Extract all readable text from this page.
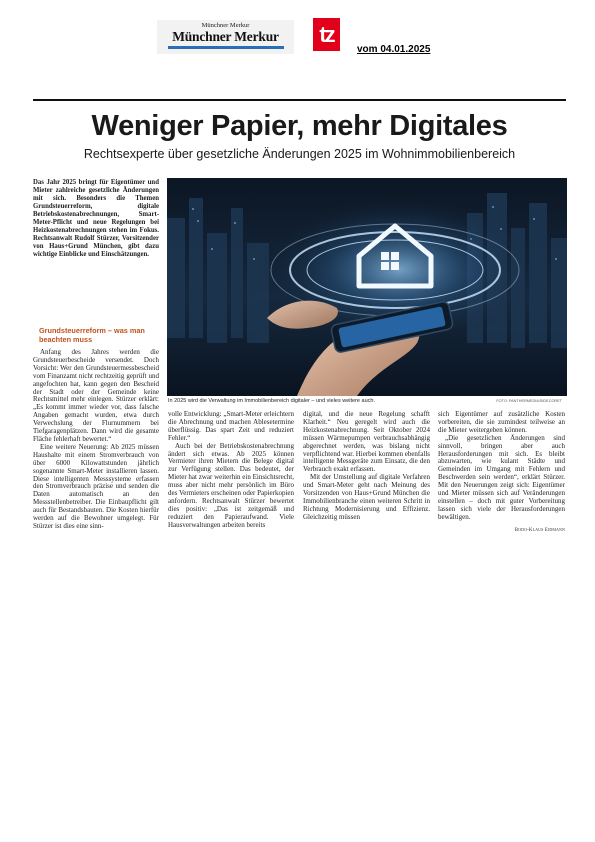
Münchner Merkur
Münchner Merkur	tz
vom 04.01.2025
Weniger Papier, mehr Digitales
Rechtsexperte über gesetzliche Änderungen 2025 im Wohnimmobilienbereich
In 2025 wird die Verwaltung im Immobilienbereich digitaler – und vieles weitere auch.	FOTO: PANTHERMEDIA/SIDECORET

Das Jahr 2025 bringt für Eigentümer und Mieter zahlreiche gesetzliche Änderungen mit sich. Besonders die Themen Grundsteuerreform, digitale Betriebskostenabrechnungen, Smart-Meter-Pflicht und neue Regelungen bei Heizkostenabrechnungen stehen im Fokus. Rechtsanwalt Rudolf Stürzer, Vorsitzender von Haus+Grund München, gibt dazu wichtige Einblicke und Einschätzungen.

Grundsteuerreform – was man beachten muss

Anfang des Jahres werden die Grundsteuerbescheide versendet. Doch Vorsicht: Wer den Grundsteuermessbescheid vom Finanzamt nicht rechtzeitig geprüft und angefochten hat, kann gegen den Bescheid der Stadt oder der Gemeinde keine Rechtsmittel mehr einlegen. Stürzer erklärt: „Es kommt immer wieder vor, dass falsche Angaben gemacht wurden, etwa durch Verwechslung der Flurnummern bei Tiefgaragenplätzen. Dann wird die gesamte Fläche fehlerhaft bewertet.“

Eine weitere Neuerung: Ab 2025 müssen Haushalte mit einem Stromverbrauch von über 6000 Kilowattstunden jährlich sogenannte Smart-Meter installieren lassen. Diese intelligenten Messsysteme erfassen den Stromverbrauch präzise und senden die Daten automatisch an den Messstellenbetreiber. Die Einbaupflicht gilt auch für Bestandsbauten. Die Kosten hierfür werden auf die Bewohner umgelegt. Für Stürzer ist dies eine sinn-

volle Entwicklung: „Smart-Meter erleichtern die Abrechnung und machen Ablesetermine überflüssig. Das spart Zeit und reduziert Fehler.“

Auch bei der Betriebskostenabrechnung ändert sich etwas. Ab 2025 können Vermieter ihren Mietern die Belege digital zur Verfügung stellen. Das bedeutet, der Mieter hat zwar weiterhin ein Einsichtsrecht, muss aber nicht mehr persönlich im Büro des Vermieters erscheinen oder Papierkopien anfordern. Rechtsanwalt Stürzer bewertet dies positiv: „Das ist zeitgemäß und reduziert den Papieraufwand. Viele Hausverwaltungen arbeiten bereits

digital, und die neue Regelung schafft Klarheit.“ Neu geregelt wird auch die Heizkostenabrechnung. Seit Oktober 2024 müssen Wärmepumpen verbrauchsabhängig abgerechnet werden, was bislang nicht verpflichtend war. Hierbei kommen ebenfalls intelligente Messgeräte zum Einsatz, die den Verbrauch exakt erfassen.

Mit der Umstellung auf digitale Verfahren und Smart-Meter geht nach Meinung des Vorsitzenden von Haus+Grund München die Immobilienbranche einen weiteren Schritt in Richtung Modernisierung und Effizienz. Gleichzeitig müssen

sich Eigentümer auf zusätzliche Kosten vorbereiten, die sie zumindest teilweise an die Mieter weitergeben können.

„Die gesetzlichen Änderungen sind sinnvoll, bringen aber auch Herausforderungen mit sich. Es bleibt abzuwarten, wie kulant Städte und Gemeinden im Umgang mit Fehlern und Beschwerden sein werden“, erklärt Stürzer. Mit den Neuerungen zeigt sich: Eigentümer und Mieter müssen sich auf Veränderungen einstellen – doch mit guter Vorbereitung lassen sich viele der Herausforderungen bewältigen.

Bodo-Klaus Eidmann
